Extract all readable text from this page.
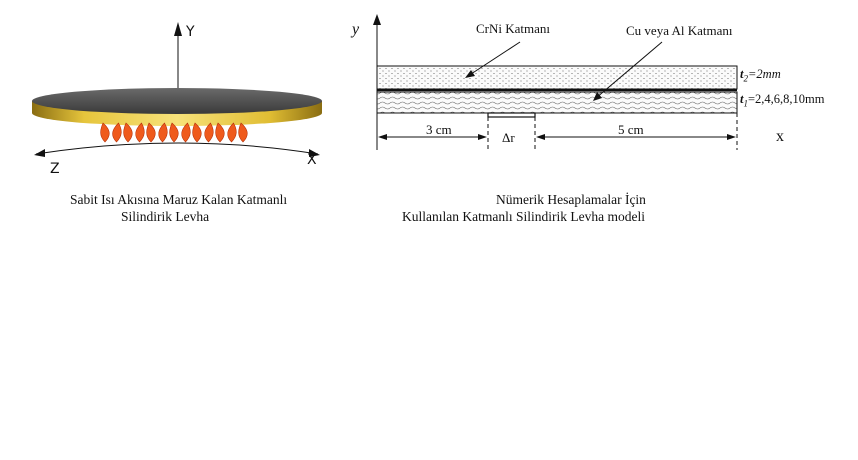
Y
Z
X
Sabit Isı Akısına Maruz Kalan Katmanlı
Silindirik Levha
y
x
CrNi Katmanı	Cu veya Al Katmanı
$t_2=2mm$
$t_1=2,4,6,8,10mm$
3 cm
Δr
5 cm
Nümerik Hesaplamalar İçin
Kullanılan Katmanlı Silindirik Levha modeli
